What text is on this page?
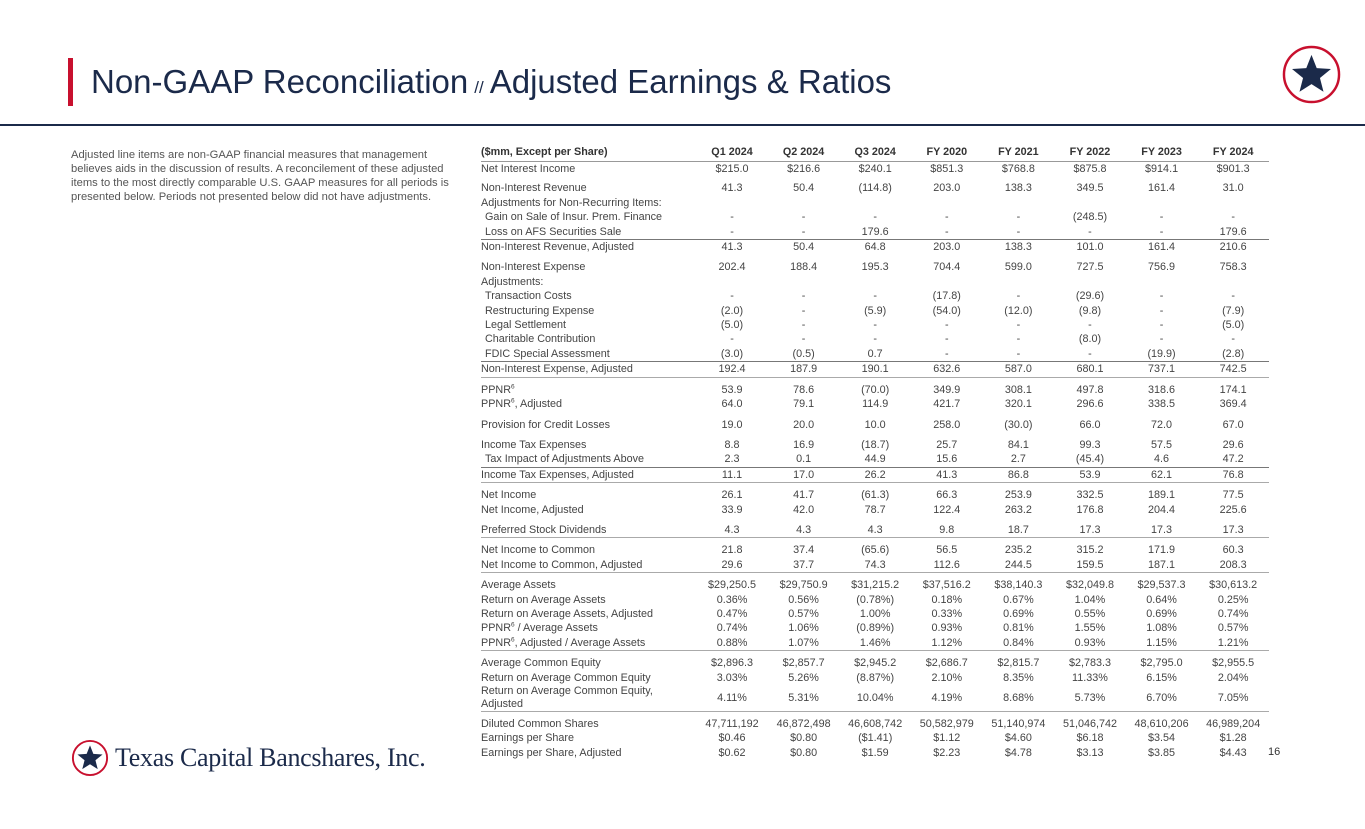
Non-GAAP Reconciliation // Adjusted Earnings & Ratios
Adjusted line items are non-GAAP financial measures that management believes aids in the discussion of results. A reconcilement of these adjusted items to the most directly comparable U.S. GAAP measures for all periods is presented below. Periods not presented below did not have adjustments.
($mm, Except per Share)	Q1 2024	Q2 2024	Q3 2024	FY 2020	FY 2021	FY 2022	FY 2023	FY 2024
Net Interest Income	$215.0	$216.6	$240.1	$851.3	$768.8	$875.8	$914.1	$901.3
Non-Interest Revenue	41.3	50.4	(114.8)	203.0	138.3	349.5	161.4	31.0
Adjustments for Non-Recurring Items:								
Gain on Sale of Insur. Prem. Finance	-	-	-	-	-	(248.5)	-	-
Loss on AFS Securities Sale	-	-	179.6	-	-	-	-	179.6
Non-Interest Revenue, Adjusted	41.3	50.4	64.8	203.0	138.3	101.0	161.4	210.6
Non-Interest Expense	202.4	188.4	195.3	704.4	599.0	727.5	756.9	758.3
Adjustments:								
Transaction Costs	-	-	-	(17.8)	-	(29.6)	-	-
Restructuring Expense	(2.0)	-	(5.9)	(54.0)	(12.0)	(9.8)	-	(7.9)
Legal Settlement	(5.0)	-	-	-	-	-	-	(5.0)
Charitable Contribution	-	-	-	-	-	(8.0)	-	-
FDIC Special Assessment	(3.0)	(0.5)	0.7	-	-	-	(19.9)	(2.8)
Non-Interest Expense, Adjusted	192.4	187.9	190.1	632.6	587.0	680.1	737.1	742.5
PPNR$^6$	53.9	78.6	(70.0)	349.9	308.1	497.8	318.6	174.1
PPNR$^6$, Adjusted	64.0	79.1	114.9	421.7	320.1	296.6	338.5	369.4
Provision for Credit Losses	19.0	20.0	10.0	258.0	(30.0)	66.0	72.0	67.0
Income Tax Expenses	8.8	16.9	(18.7)	25.7	84.1	99.3	57.5	29.6
Tax Impact of Adjustments Above	2.3	0.1	44.9	15.6	2.7	(45.4)	4.6	47.2
Income Tax Expenses, Adjusted	11.1	17.0	26.2	41.3	86.8	53.9	62.1	76.8
Net Income	26.1	41.7	(61.3)	66.3	253.9	332.5	189.1	77.5
Net Income, Adjusted	33.9	42.0	78.7	122.4	263.2	176.8	204.4	225.6
Preferred Stock Dividends	4.3	4.3	4.3	9.8	18.7	17.3	17.3	17.3
Net Income to Common	21.8	37.4	(65.6)	56.5	235.2	315.2	171.9	60.3
Net Income to Common, Adjusted	29.6	37.7	74.3	112.6	244.5	159.5	187.1	208.3
Average Assets	$29,250.5	$29,750.9	$31,215.2	$37,516.2	$38,140.3	$32,049.8	$29,537.3	$30,613.2
Return on Average Assets	0.36%	0.56%	(0.78%)	0.18%	0.67%	1.04%	0.64%	0.25%
Return on Average Assets, Adjusted	0.47%	0.57%	1.00%	0.33%	0.69%	0.55%	0.69%	0.74%
PPNR$^6$ / Average Assets	0.74%	1.06%	(0.89%)	0.93%	0.81%	1.55%	1.08%	0.57%
PPNR$^6$, Adjusted / Average Assets	0.88%	1.07%	1.46%	1.12%	0.84%	0.93%	1.15%	1.21%
Average Common Equity	$2,896.3	$2,857.7	$2,945.2	$2,686.7	$2,815.7	$2,783.3	$2,795.0	$2,955.5
Return on Average Common Equity	3.03%	5.26%	(8.87%)	2.10%	8.35%	11.33%	6.15%	2.04%
Return on Average Common Equity, Adjusted	4.11%	5.31%	10.04%	4.19%	8.68%	5.73%	6.70%	7.05%
Diluted Common Shares	47,711,192	46,872,498	46,608,742	50,582,979	51,140,974	51,046,742	48,610,206	46,989,204
Earnings per Share	$0.46	$0.80	($1.41)	$1.12	$4.60	$6.18	$3.54	$1.28
Earnings per Share, Adjusted	$0.62	$0.80	$1.59	$2.23	$4.78	$3.13	$3.85	$4.43
Texas Capital Bancshares, Inc.	16
